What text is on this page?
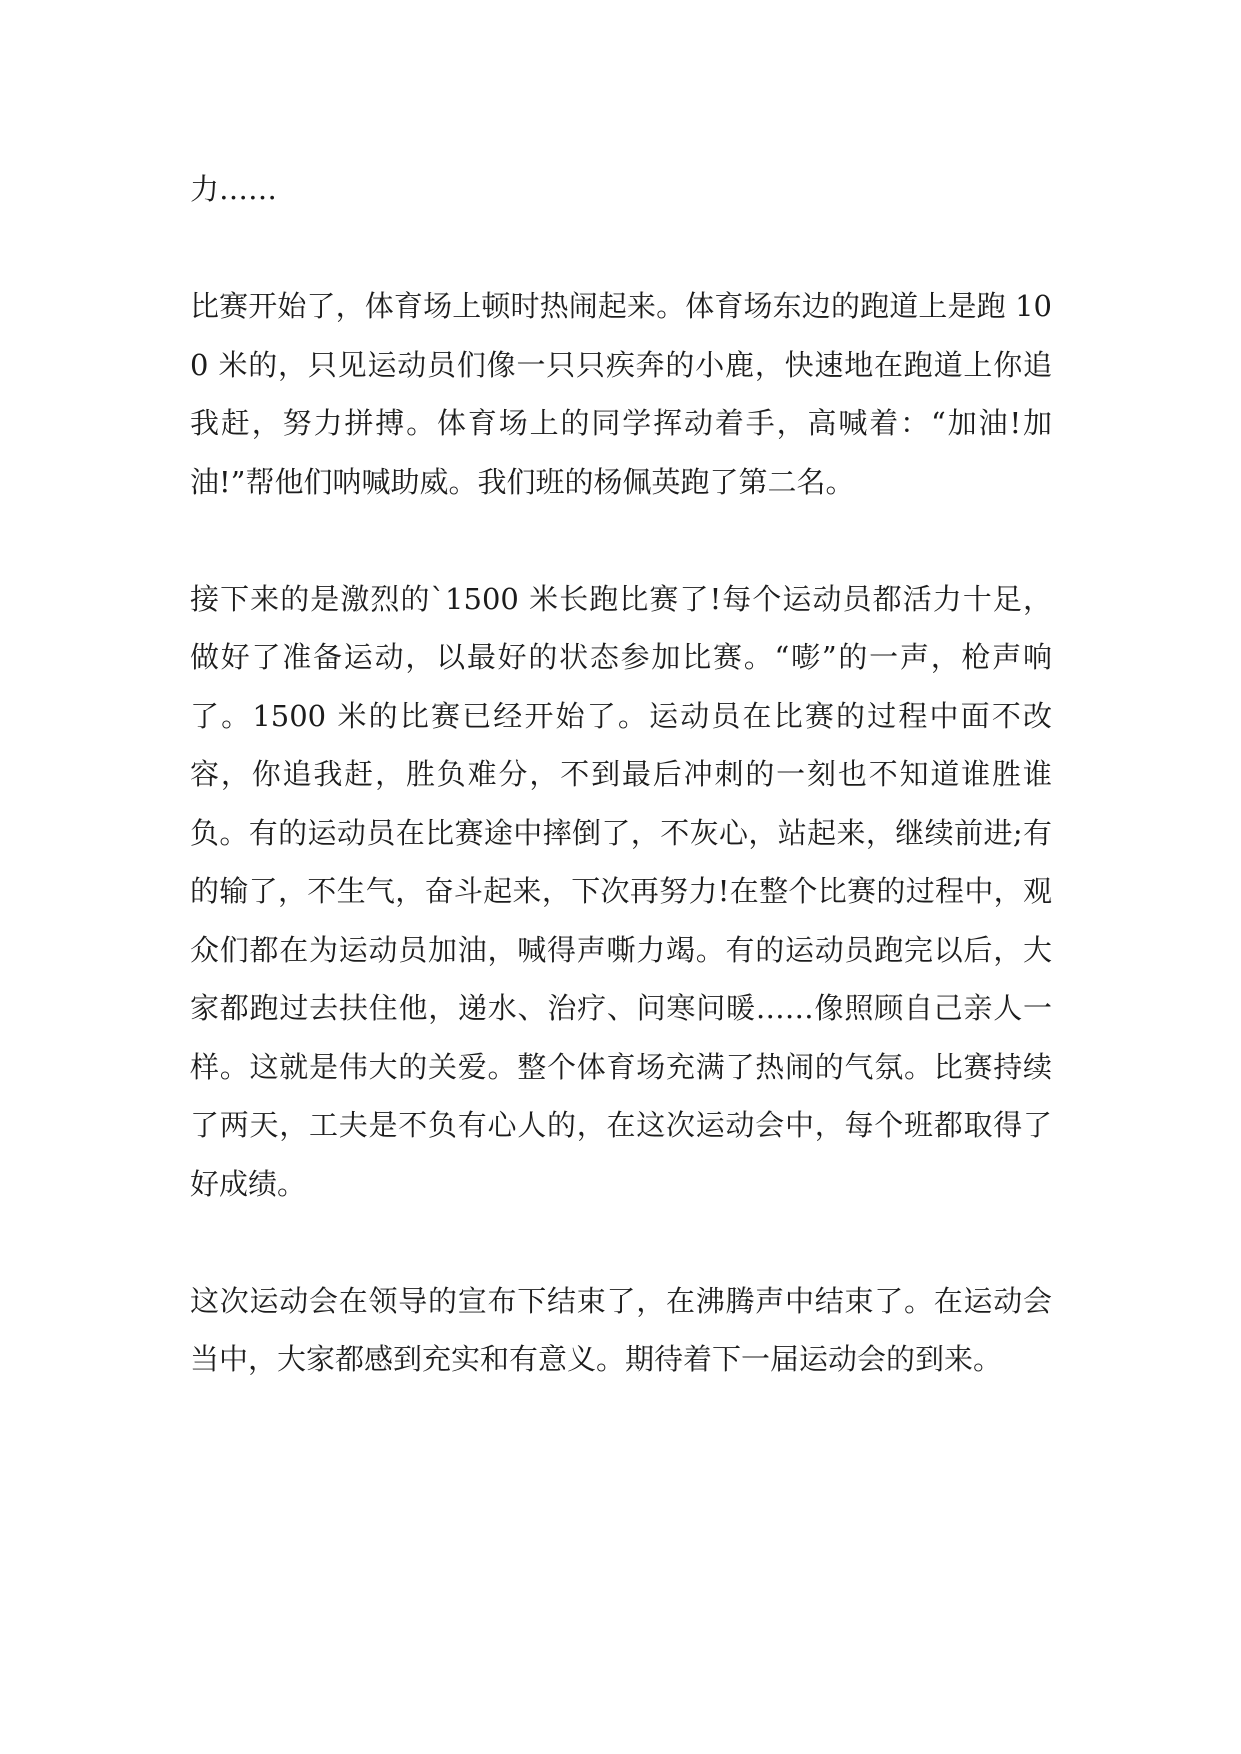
力……

比赛开始了，体育场上顿时热闹起来。体育场东边的跑道上是跑 100 米的，只见运动员们像一只只疾奔的小鹿，快速地在跑道上你追我赶，努力拼搏。体育场上的同学挥动着手，高喊着：“加油!加油!”帮他们呐喊助威。我们班的杨佩英跑了第二名。

接下来的是激烈的`1500 米长跑比赛了!每个运动员都活力十足，做好了准备运动，以最好的状态参加比赛。“嘭”的一声，枪声响了。1500 米的比赛已经开始了。运动员在比赛的过程中面不改容，你追我赶，胜负难分，不到最后冲刺的一刻也不知道谁胜谁负。有的运动员在比赛途中摔倒了，不灰心，站起来，继续前进;有的输了，不生气，奋斗起来，下次再努力!在整个比赛的过程中，观众们都在为运动员加油，喊得声嘶力竭。有的运动员跑完以后，大家都跑过去扶住他，递水、治疗、问寒问暖……像照顾自己亲人一样。这就是伟大的关爱。整个体育场充满了热闹的气氛。比赛持续了两天，工夫是不负有心人的，在这次运动会中，每个班都取得了好成绩。

这次运动会在领导的宣布下结束了，在沸腾声中结束了。在运动会当中，大家都感到充实和有意义。期待着下一届运动会的到来。
